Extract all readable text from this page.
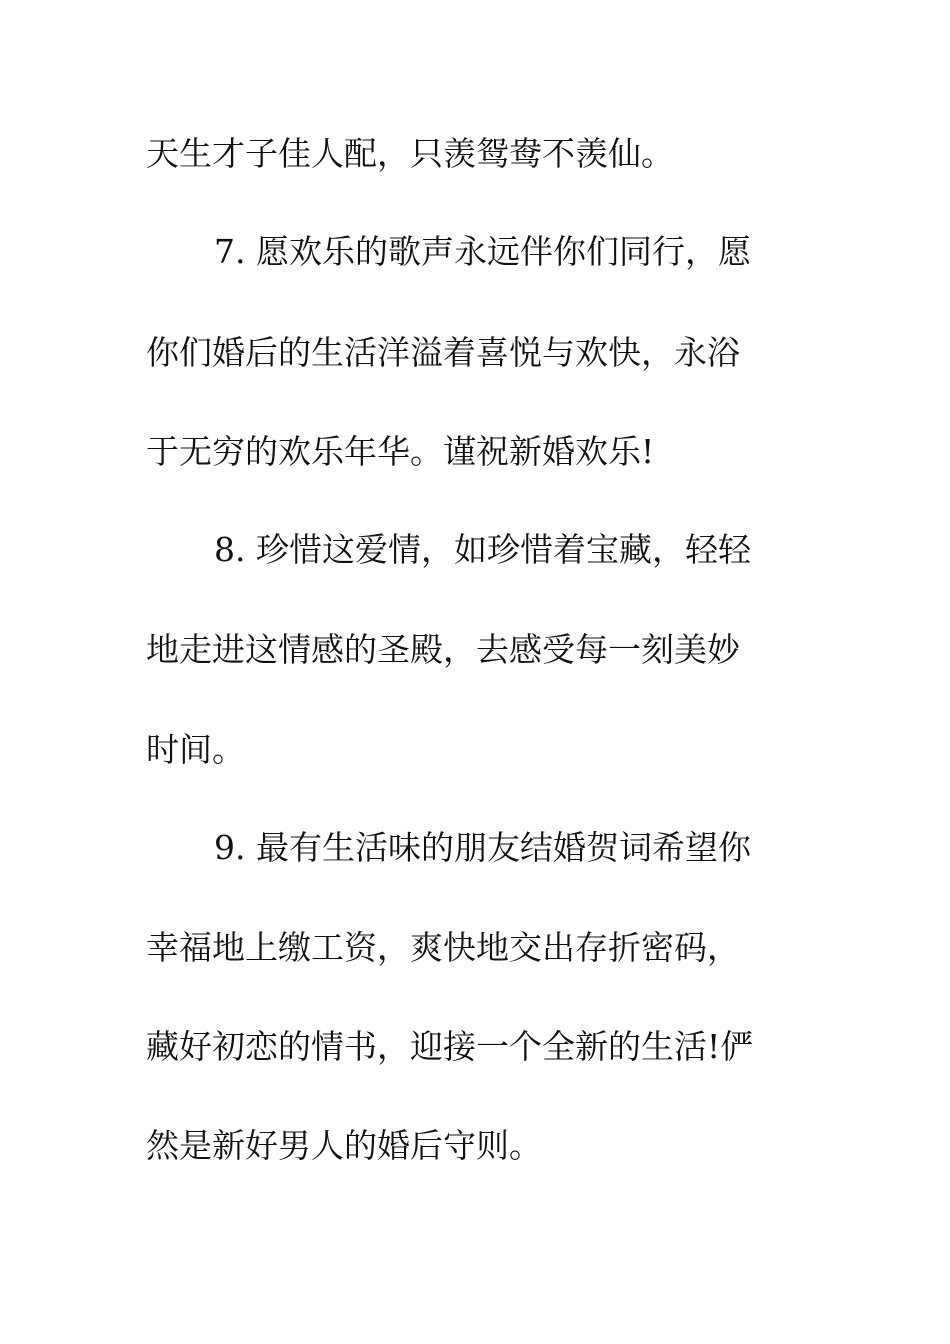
天生才子佳人配，只羡鸳鸯不羡仙。
7. 愿欢乐的歌声永远伴你们同行，愿
你们婚后的生活洋溢着喜悦与欢快，永浴
于无穷的欢乐年华。谨祝新婚欢乐!
8. 珍惜这爱情，如珍惜着宝藏，轻轻
地走进这情感的圣殿，去感受每一刻美妙
时间。
9. 最有生活味的朋友结婚贺词希望你
幸福地上缴工资，爽快地交出存折密码，
藏好初恋的情书，迎接一个全新的生活!俨
然是新好男人的婚后守则。
